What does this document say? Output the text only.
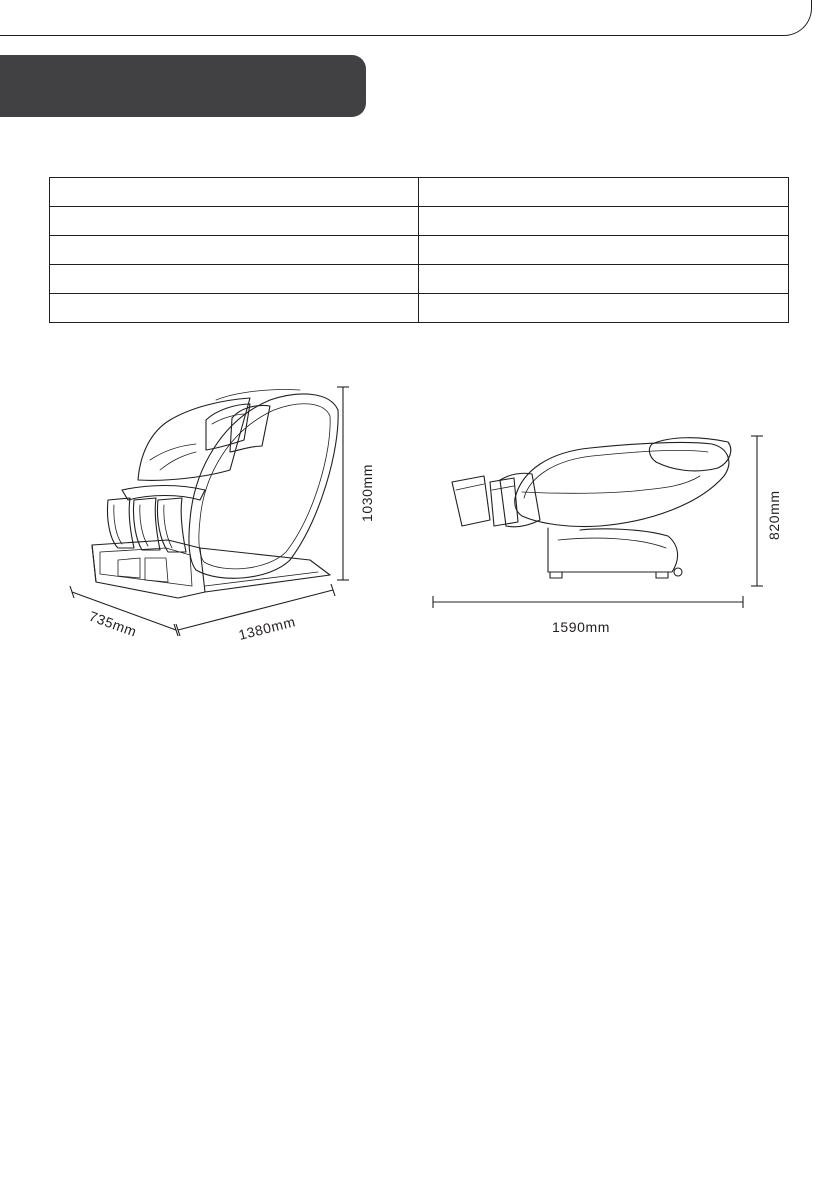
1030mm
735mm	1380mm
820mm
1590mm
